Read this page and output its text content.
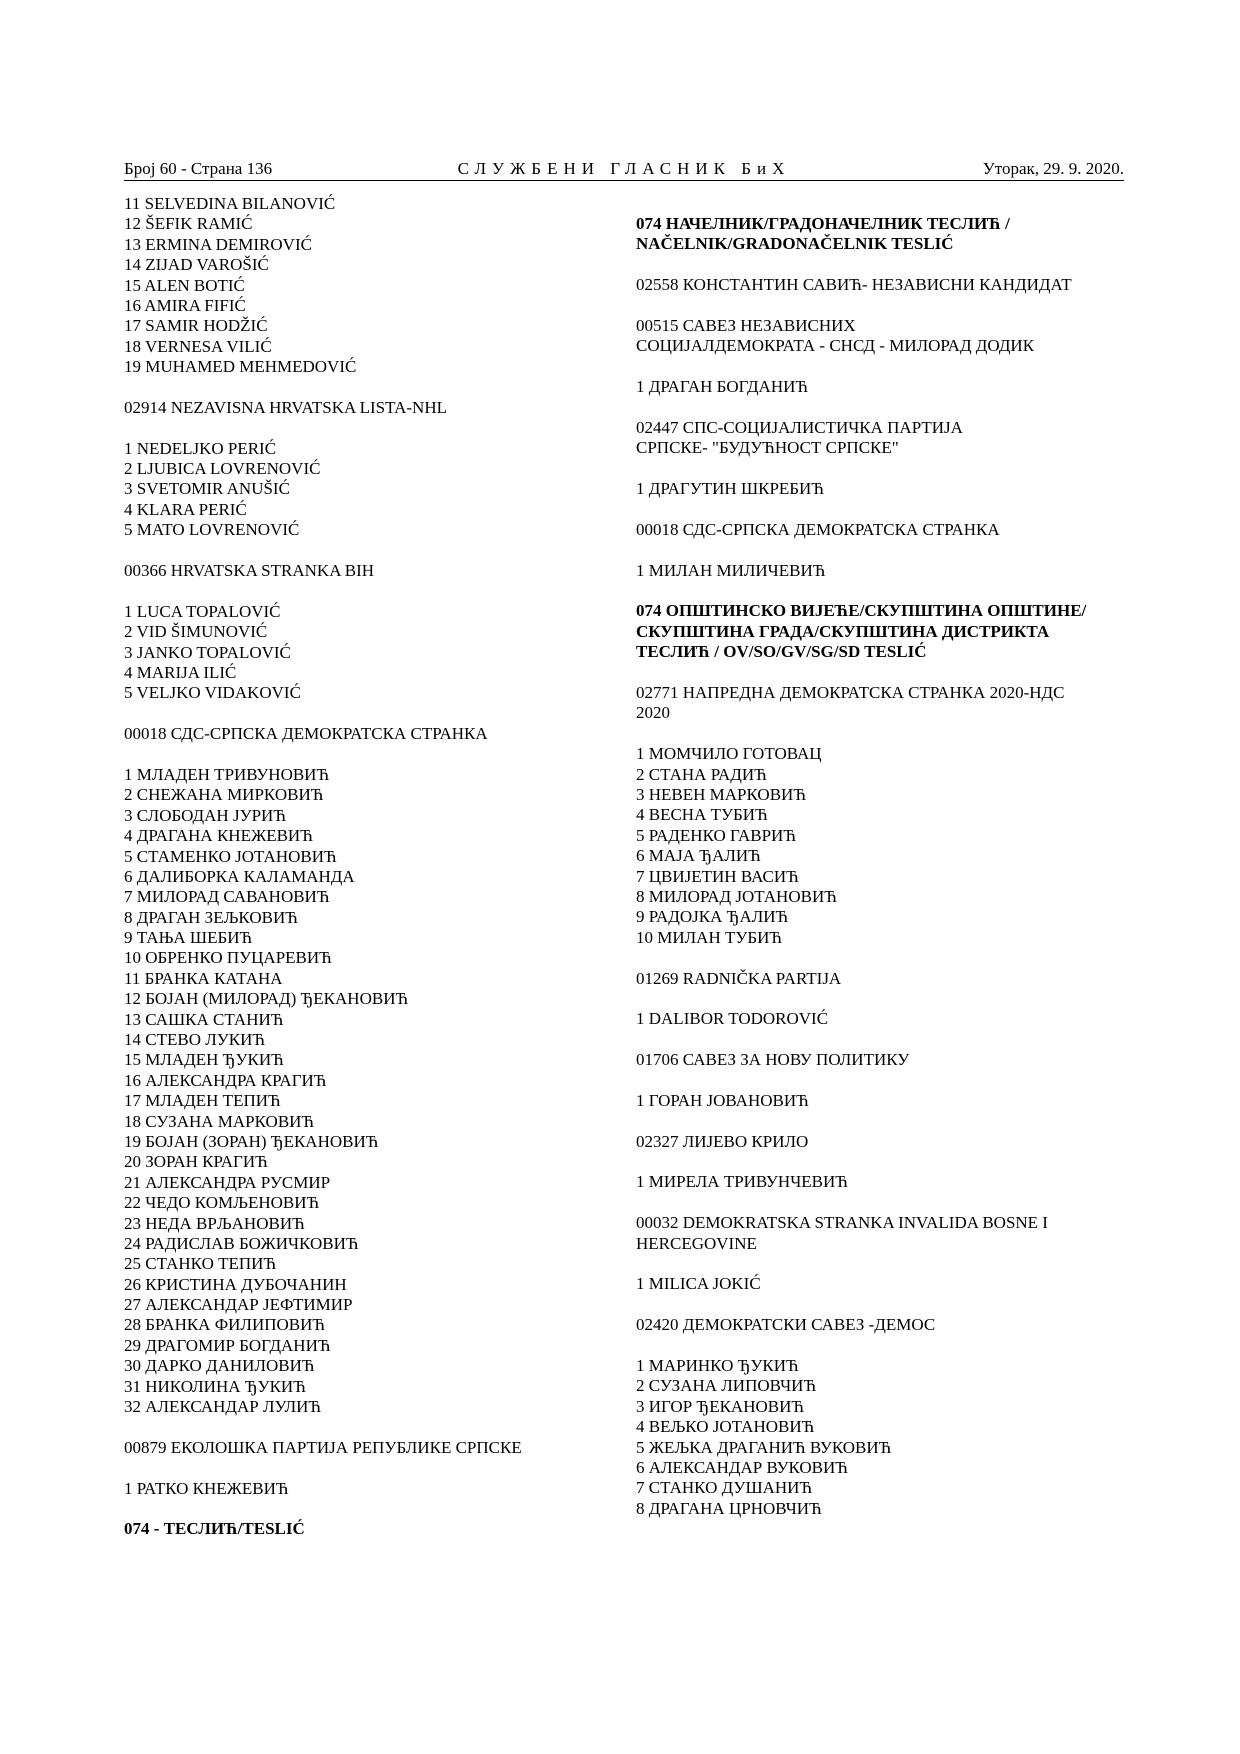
Број 60 - Страна 136	СЛУЖБЕНИ ГЛАСНИК БиХ	Уторак, 29. 9. 2020.
11 SELVEDINA BILANOVIĆ
12 ŠEFIK RAMIĆ
13 ERMINA DEMIROVIĆ
14 ZIJAD VAROŠIĆ
15 ALEN BOTIĆ
16 AMIRA FIFIĆ
17 SAMIR HODŽIĆ
18 VERNESA VILIĆ
19 MUHAMED MEHMEDOVIĆ
02914 NEZAVISNA HRVATSKA LISTA-NHL
1 NEDELJKO PERIĆ
2 LJUBICA LOVRENOVIĆ
3 SVETOMIR ANUŠIĆ
4 KLARA PERIĆ
5 MATO LOVRENOVIĆ
00366 HRVATSKA STRANKA BIH
1 LUCA TOPALOVIĆ
2 VID ŠIMUNOVIĆ
3 JANKO TOPALOVIĆ
4 MARIJA ILIĆ
5 VELJKO VIDAKOVIĆ
00018 СДС-СРПСКА ДЕМОКРАТСКА СТРАНКА
1 МЛАДЕН ТРИВУНОВИЋ
2 СНЕЖАНА МИРКОВИЋ
3 СЛОБОДАН ЈУРИЋ
4 ДРАГАНА КНЕЖЕВИЋ
5 СТАМЕНКО ЈОТАНОВИЋ
6 ДАЛИБОРКА КАЛАМАНДА
7 МИЛОРАД САВАНОВИЋ
8 ДРАГАН ЗЕЉКОВИЋ
9 ТАЊА ШЕБИЋ
10 ОБРЕНКО ПУЦАРЕВИЋ
11 БРАНКА КАТАНА
12 БОЈАН (МИЛОРАД) ЂЕКАНОВИЋ
13 САШКА СТАНИЋ
14 СТЕВО ЛУКИЋ
15 МЛАДЕН ЂУКИЋ
16 АЛЕКСАНДРА КРАГИЋ
17 МЛАДЕН ТЕПИЋ
18 СУЗАНА МАРКОВИЋ
19 БОЈАН (ЗОРАН) ЂЕКАНОВИЋ
20 ЗОРАН КРАГИЋ
21 АЛЕКСАНДРА РУСМИР
22 ЧЕДО КОМЉЕНОВИЋ
23 НЕДА ВРЉАНОВИЋ
24 РАДИСЛАВ БОЖИЧКОВИЋ
25 СТАНКО ТЕПИЋ
26 КРИСТИНА ДУБОЧАНИН
27 АЛЕКСАНДАР ЈЕФТИМИР
28 БРАНКА ФИЛИПОВИЋ
29 ДРАГОМИР БОГДАНИЋ
30 ДАРКО ДАНИЛОВИЋ
31 НИКОЛИНА ЂУКИЋ
32 АЛЕКСАНДАР ЛУЛИЋ
00879 ЕКОЛОШКА ПАРТИЈА РЕПУБЛИКЕ СРПСКЕ
1 РАТКО КНЕЖЕВИЋ
074 - ТЕСЛИЋ/TESLIĆ
074 НАЧЕЛНИК/ГРАДОНАЧЕЛНИК ТЕСЛИЋ / NAČELNIK/GRADONAČELNIK TESLIĆ
02558 КОНСТАНТИН САВИЋ- НЕЗАВИСНИ КАНДИДАТ
00515 САВЕЗ НЕЗАВИСНИХ
СОЦИЈАЛДЕМОКРАТА - СНСД - МИЛОРАД ДОДИК
1 ДРАГАН БОГДАНИЋ
02447 СПС-СОЦИЈАЛИСТИЧКА ПАРТИЈА
СРПСКЕ- "БУДУЋНОСТ СРПСКЕ"
1 ДРАГУТИН ШКРЕБИЋ
00018 СДС-СРПСКА ДЕМОКРАТСКА СТРАНКА
1 МИЛАН МИЛИЧЕВИЋ
074 ОПШТИНСКО ВИЈЕЋЕ/СКУПШТИНА ОПШТИНЕ/СКУПШТИНА ГРАДА/СКУПШТИНА ДИСТРИКТА
ТЕСЛИЋ / OV/SO/GV/SG/SD TESLIĆ
02771 НАПРЕДНА ДЕМОКРАТСКА СТРАНКА 2020-НДС
2020
1 МОМЧИЛО ГОТОВАЦ
2 СТАНА РАДИЋ
3 НЕВЕН МАРКОВИЋ
4 ВЕСНА ТУБИЋ
5 РАДЕНКО ГАВРИЋ
6 МАЈА ЂАЛИЋ
7 ЦВИЈЕТИН ВАСИЋ
8 МИЛОРАД ЈОТАНОВИЋ
9 РАДОЈКА ЂАЛИЋ
10 МИЛАН ТУБИЋ
01269 RADNIČKA PARTIJA
1 DALIBOR TODOROVIĆ
01706 САВЕЗ ЗА НОВУ ПОЛИТИКУ
1 ГОРАН ЈОВАНОВИЋ
02327 ЛИЈЕВО КРИЛО
1 МИРЕЛА ТРИВУНЧЕВИЋ
00032 DEMOKRATSKA STRANKA INVALIDA BOSNE I
HERCEGOVINE
1 MILICA JOKIĆ
02420 ДЕМОКРАТСКИ САВЕЗ -ДЕМОС
1 МАРИНКО ЂУКИЋ
2 СУЗАНА ЛИПОВЧИЋ
3 ИГОР ЂЕКАНОВИЋ
4 ВЕЉКО ЈОТАНОВИЋ
5 ЖЕЉКА ДРАГАНИЋ ВУКОВИЋ
6 АЛЕКСАНДАР ВУКОВИЋ
7 СТАНКО ДУШАНИЋ
8 ДРАГАНА ЦРНОВЧИЋ
